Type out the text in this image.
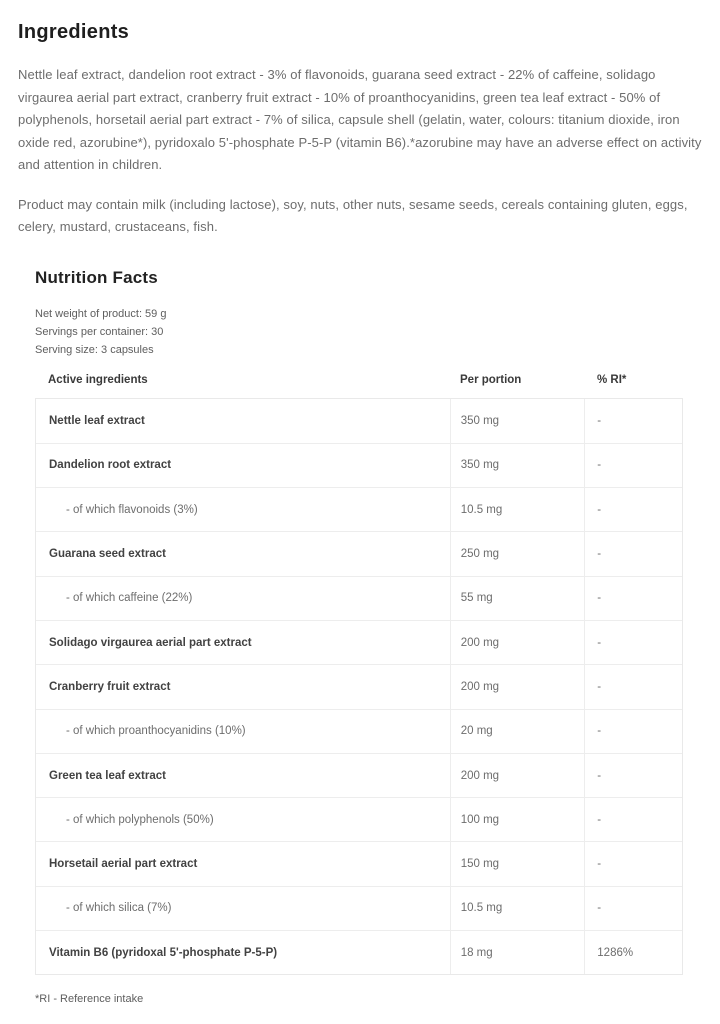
Ingredients

Nettle leaf extract, dandelion root extract - 3% of flavonoids, guarana seed extract - 22% of caffeine, solidago virgaurea aerial part extract, cranberry fruit extract - 10% of proanthocyanidins, green tea leaf extract - 50% of polyphenols, horsetail aerial part extract - 7% of silica, capsule shell (gelatin, water, colours: titanium dioxide, iron oxide red, azorubine*), pyridoxalo 5'-phosphate P-5-P (vitamin B6).*azorubine may have an adverse effect on activity and attention in children.

Product may contain milk (including lactose), soy, nuts, other nuts, sesame seeds, cereals containing gluten, eggs, celery, mustard, crustaceans, fish.

Nutrition Facts
Net weight of product: 59 g
Servings per container: 30
Serving size: 3 capsules
Active ingredients	Per portion	% RI*
Nettle leaf extract	350 mg	-
Dandelion root extract	350 mg	-
- of which flavonoids (3%)	10.5 mg	-
Guarana seed extract	250 mg	-
- of which caffeine (22%)	55 mg	-
Solidago virgaurea aerial part extract	200 mg	-
Cranberry fruit extract	200 mg	-
- of which proanthocyanidins (10%)	20 mg	-
Green tea leaf extract	200 mg	-
- of which polyphenols (50%)	100 mg	-
Horsetail aerial part extract	150 mg	-
- of which silica (7%)	10.5 mg	-
Vitamin B6 (pyridoxal 5'-phosphate P-5-P)	18 mg	1286%
*RI - Reference intake
